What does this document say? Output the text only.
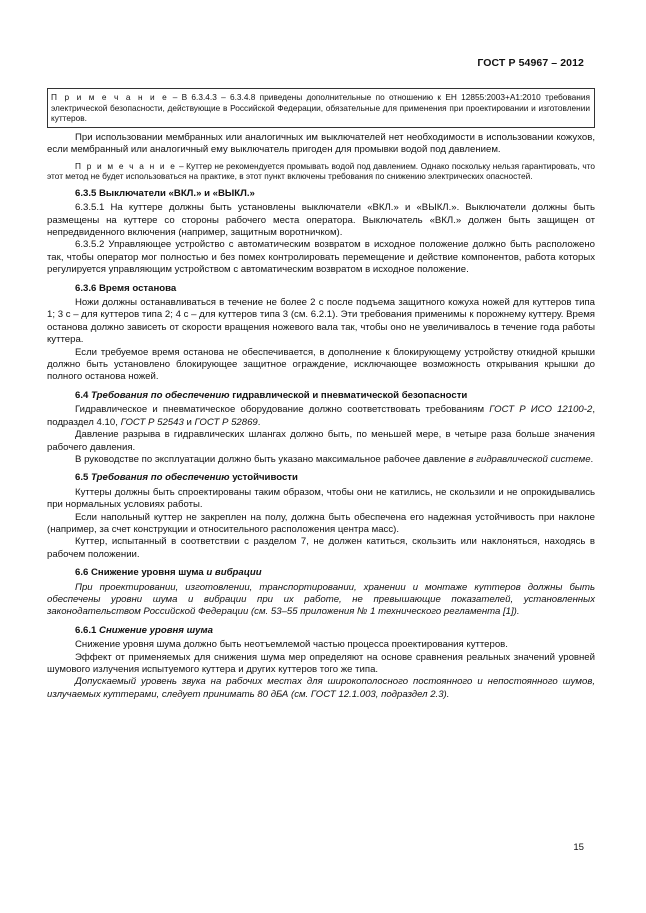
ГОСТ Р 54967 – 2012
П р и м е ч а н и е – В 6.3.4.3 – 6.3.4.8 приведены дополнительные по отношению к ЕН 12855:2003+А1:2010 требования электрической безопасности, действующие в Российской Федерации, обязательные для применения при проектировании и изготовлении куттеров.

При использовании мембранных или аналогичных им выключателей нет необходимости в использовании кожухов, если мембранный или аналогичный ему выключатель пригоден для промывки водой под давлением.

П р и м е ч а н и е – Куттер не рекомендуется промывать водой под давлением. Однако поскольку нельзя гарантировать, что этот метод не будет использоваться на практике, в этот пункт включены требования по снижению электрических опасностей.

6.3.5 Выключатели «ВКЛ.» и «ВЫКЛ.»

6.3.5.1 На куттере должны быть установлены выключатели «ВКЛ.» и «ВЫКЛ.». Выключатели должны быть размещены на куттере со стороны рабочего места оператора. Выключатель «ВКЛ.» должен быть защищен от непредвиденного включения (например, защитным воротничком).

6.3.5.2 Управляющее устройство с автоматическим возвратом в исходное положение должно быть расположено так, чтобы оператор мог полностью и без помех контролировать перемещение и действие компонентов, работа которых регулируется управляющим устройством с автоматическим возвратом в исходное положение.

6.3.6 Время останова

Ножи должны останавливаться в течение не более 2 с после подъема защитного кожуха ножей для куттеров типа 1; 3 с – для куттеров типа 2; 4 с – для куттеров типа 3 (см. 6.2.1). Эти требования применимы к порожнему куттеру. Время останова должно зависеть от скорости вращения ножевого вала так, чтобы оно не увеличивалось в течение года работы куттера.

Если требуемое время останова не обеспечивается, в дополнение к блокирующему устройству откидной крышки должно быть установлено блокирующее защитное ограждение, исключающее возможность открывания крышки до полного останова ножей.

6.4 Требования по обеспечению гидравлической и пневматической безопасности

Гидравлическое и пневматическое оборудование должно соответствовать требованиям ГОСТ Р ИСО 12100-2, подраздел 4.10, ГОСТ Р 52543 и ГОСТ Р 52869.

Давление разрыва в гидравлических шлангах должно быть, по меньшей мере, в четыре раза больше значения рабочего давления.

В руководстве по эксплуатации должно быть указано максимальное рабочее давление в гидравлической системе.

6.5 Требования по обеспечению устойчивости

Куттеры должны быть спроектированы таким образом, чтобы они не катились, не скользили и не опрокидывались при нормальных условиях работы.

Если напольный куттер не закреплен на полу, должна быть обеспечена его надежная устойчивость при наклоне (например, за счет конструкции и относительного расположения центра масс).

Куттер, испытанный в соответствии с разделом 7, не должен катиться, скользить или наклоняться, находясь в рабочем положении.

6.6 Снижение уровня шума и вибрации

При проектировании, изготовлении, транспортировании, хранении и монтаже куттеров должны быть обеспечены уровни шума и вибрации при их работе, не превышающие показателей, установленных законодательством Российской Федерации (см. 53–55 приложения № 1 технического регламента [1]).

6.6.1 Снижение уровня шума

Снижение уровня шума должно быть неотъемлемой частью процесса проектирования куттеров.

Эффект от применяемых для снижения шума мер определяют на основе сравнения реальных значений уровней шумового излучения испытуемого куттера и других куттеров того же типа.

Допускаемый уровень звука на рабочих местах для широкополосного постоянного и непостоянного шумов, излучаемых куттерами, следует принимать 80 дБА (см. ГОСТ 12.1.003, подраздел 2.3).

15
